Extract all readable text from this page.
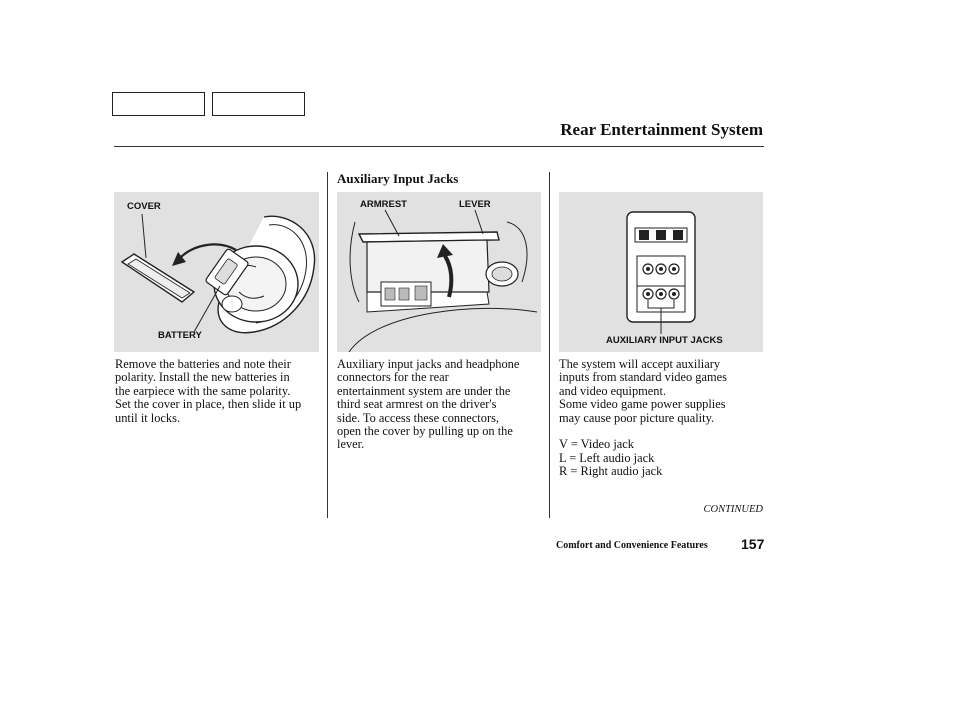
Rear Entertainment System
Auxiliary Input Jacks
COVER
BATTERY
ARMREST	LEVER
AUXILIARY INPUT JACKS
Remove the batteries and note their
polarity. Install the new batteries in
the earpiece with the same polarity.
Set the cover in place, then slide it up
until it locks.
Auxiliary input jacks and headphone
connectors for the rear
entertainment system are under the
third seat armrest on the driver's
side. To access these connectors,
open the cover by pulling up on the
lever.
The system will accept auxiliary
inputs from standard video games
and video equipment.
Some video game power supplies
may cause poor picture quality.

V = Video jack
L = Left audio jack
R = Right audio jack
CONTINUED
Comfort and Convenience Features 157
